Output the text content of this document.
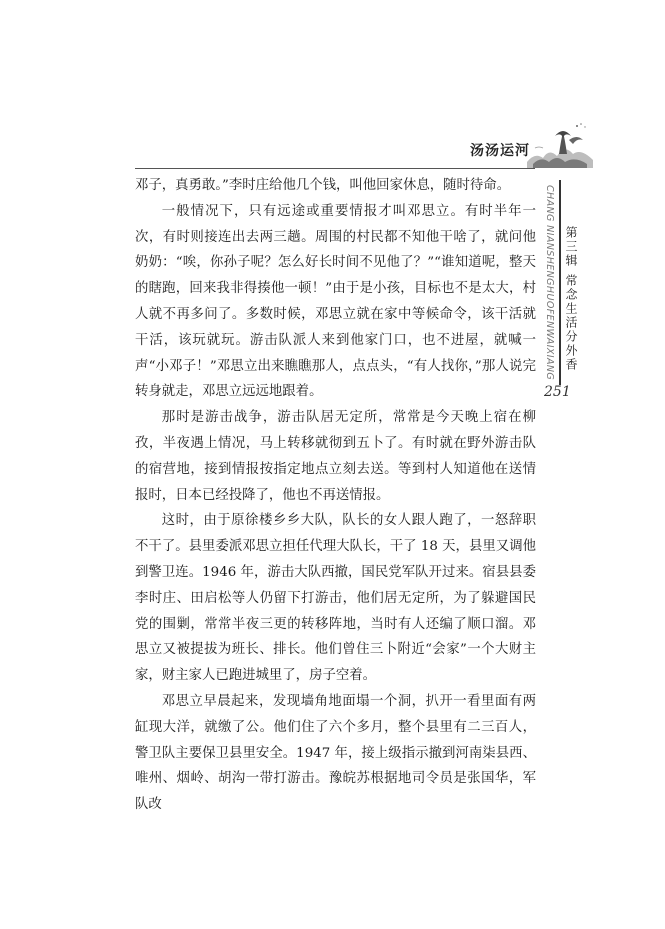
汤汤运河

邓子，真勇敢。”李时庄给他几个钱，叫他回家休息，随时待命。

一般情况下，只有远途或重要情报才叫邓思立。有时半年一次，有时则接连出去两三趟。周围的村民都不知他干啥了，就问他奶奶：“唉，你孙子呢？怎么好长时间不见他了？”“谁知道呢，整天的瞎跑，回来我非得揍他一顿！”由于是小孩，目标也不是太大，村人就不再多问了。多数时候，邓思立就在家中等候命令，该干活就干活，该玩就玩。游击队派人来到他家门口，也不进屋，就喊一声“小邓子！”邓思立出来瞧瞧那人，点点头，“有人找你，”那人说完转身就走，邓思立远远地跟着。

那时是游击战争，游击队居无定所，常常是今天晚上宿在柳孜，半夜遇上情况，马上转移就彻到五卜了。有时就在野外游击队的宿营地，接到情报按指定地点立刻去送。等到村人知道他在送情报时，日本已经投降了，他也不再送情报。

这时，由于原徐楼乡乡大队，队长的女人跟人跑了，一怒辞职不干了。县里委派邓思立担任代理大队长，干了 18 天，县里又调他到警卫连。1946 年，游击大队西撤，国民党军队开过来。宿县县委李时庄、田启松等人仍留下打游击，他们居无定所，为了躲避国民党的围剿，常常半夜三更的转移阵地，当时有人还编了顺口溜。邓思立又被提拔为班长、排长。他们曾住三卜附近“会家”一个大财主家，财主家人已跑进城里了，房子空着。

邓思立早晨起来，发现墙角地面塌一个洞，扒开一看里面有两缸现大洋，就缴了公。他们住了六个多月，整个县里有二三百人，警卫队主要保卫县里安全。1947 年，接上级指示撤到河南柒县西、唯州、烟岭、胡沟一带打游击。豫皖苏根据地司令员是张国华，军队改

CHANG NIANSHENGHUOFENWAIXIANG 第三辑 常念生活分外香

251
